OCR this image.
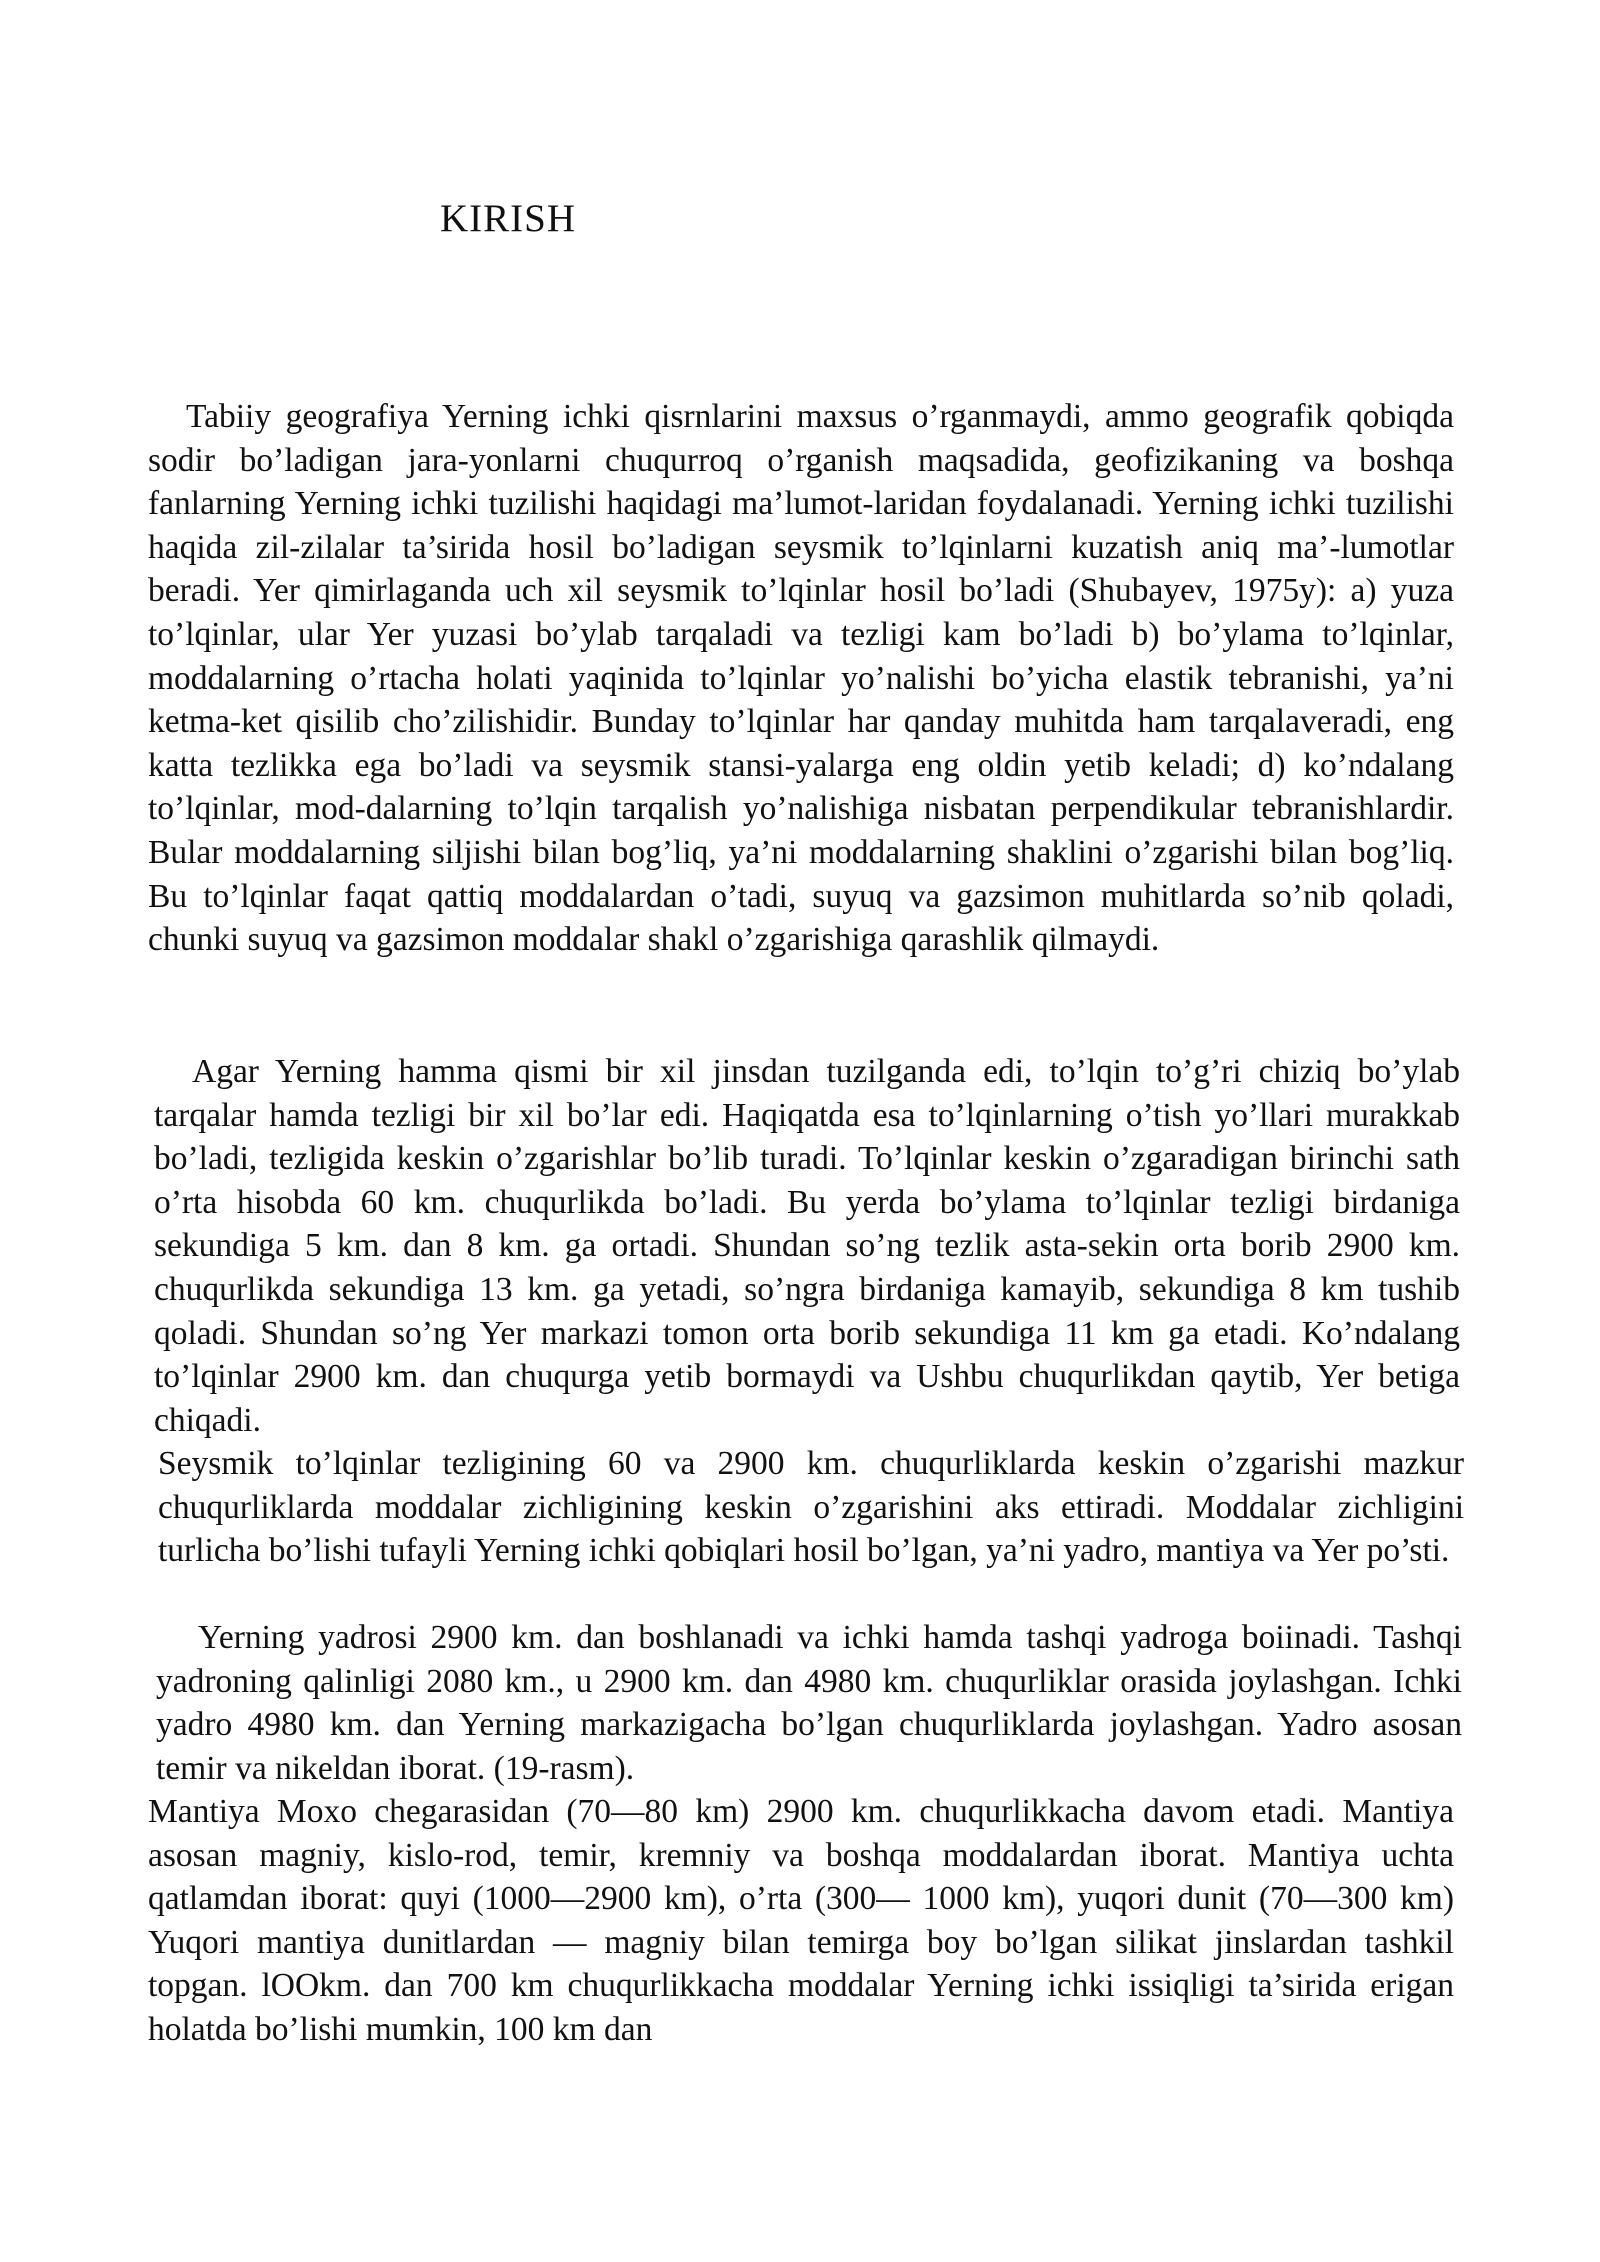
KIRISH

Tabiiy geografiya Yerning ichki qisrnlarini maxsus o’rganmaydi, ammo geografik qobiqda sodir bo’ladigan jara-yonlarni chuqurroq o’rganish maqsadida, geofizikaning va boshqa fanlarning Yerning ichki tuzilishi haqidagi ma’lumot-laridan foydalanadi. Yerning ichki tuzilishi haqida zil-zilalar ta’sirida hosil bo’ladigan seysmik to’lqinlarni kuzatish aniq ma’-lumotlar beradi. Yer qimirlaganda uch xil seysmik to’lqinlar hosil bo’ladi (Shubayev, 1975y): a) yuza to’lqinlar, ular Yer yuzasi bo’ylab tarqaladi va tezligi kam bo’ladi b) bo’ylama to’lqinlar, moddalarning o’rtacha holati yaqinida to’lqinlar yo’nalishi bo’yicha elastik tebranishi, ya’ni ketma-ket qisilib cho’zilishidir. Bunday to’lqinlar har qanday muhitda ham tarqalaveradi, eng katta tezlikka ega bo’ladi va seysmik stansi-yalarga eng oldin yetib keladi; d) ko’ndalang to’lqinlar, mod-dalarning to’lqin tarqalish yo’nalishiga nisbatan perpendikular tebranishlardir. Bular moddalarning siljishi bilan bog’liq, ya’ni moddalarning shaklini o’zgarishi bilan bog’liq. Bu to’lqinlar faqat qattiq moddalardan o’tadi, suyuq va gazsimon muhitlarda so’nib qoladi, chunki suyuq va gazsimon moddalar shakl o’zgarishiga qarashlik qilmaydi.

Agar Yerning hamma qismi bir xil jinsdan tuzilganda edi, to’lqin to’g’ri chiziq bo’ylab tarqalar hamda tezligi bir xil bo’lar edi. Haqiqatda esa to’lqinlarning o’tish yo’llari murakkab bo’ladi, tezligida keskin o’zgarishlar bo’lib turadi. To’lqinlar keskin o’zgaradigan birinchi sath o’rta hisobda 60 km. chuqurlikda bo’ladi. Bu yerda bo’ylama to’lqinlar tezligi birdaniga sekundiga 5 km. dan 8 km. ga ortadi. Shundan so’ng tezlik asta-sekin orta borib 2900 km. chuqurlikda sekundiga 13 km. ga yetadi, so’ngra birdaniga kamayib, sekundiga 8 km tushib qoladi. Shundan so’ng Yer markazi tomon orta borib sekundiga 11 km ga etadi. Ko’ndalang to’lqinlar 2900 km. dan chuqurga yetib bormaydi va Ushbu chuqurlikdan qaytib, Yer betiga chiqadi.

Seysmik to’lqinlar tezligining 60 va 2900 km. chuqurliklarda keskin o’zgarishi mazkur chuqurliklarda moddalar zichligining keskin o’zgarishini aks ettiradi. Moddalar zichligini turlicha bo’lishi tufayli Yerning ichki qobiqlari hosil bo’lgan, ya’ni yadro, mantiya va Yer po’sti.

Yerning yadrosi 2900 km. dan boshlanadi va ichki hamda tashqi yadroga boiinadi. Tashqi yadroning qalinligi 2080 km., u 2900 km. dan 4980 km. chuqurliklar orasida joylashgan. Ichki yadro 4980 km. dan Yerning markazigacha bo’lgan chuqurliklarda joylashgan. Yadro asosan temir va nikeldan iborat. (19-rasm).

Mantiya Moxo chegarasidan (70—80 km) 2900 km. chuqurlikkacha davom etadi. Mantiya asosan magniy, kislo-rod, temir, kremniy va boshqa moddalardan iborat. Mantiya uchta qatlamdan iborat: quyi (1000—2900 km), o’rta (300— 1000 km), yuqori dunit (70—300 km) Yuqori mantiya dunitlardan — magniy bilan temirga boy bo’lgan silikat jinslardan tashkil topgan. lOOkm. dan 700 km chuqurlikkacha moddalar Yerning ichki issiqligi ta’sirida erigan holatda bo’lishi mumkin, 100 km dan
